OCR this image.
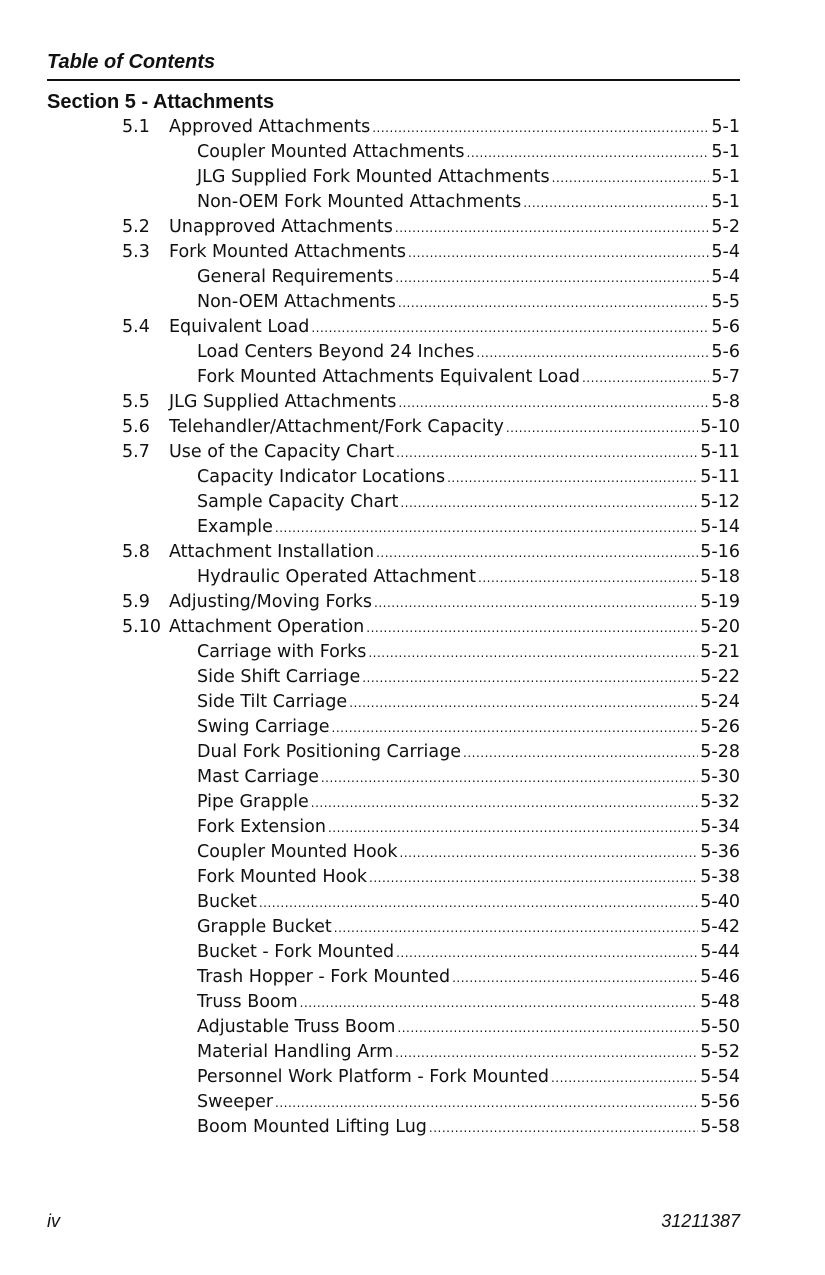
Table of Contents
Section 5 - Attachments
5.1 Approved Attachments .....	5-1
Coupler Mounted Attachments .....	5-1
JLG Supplied Fork Mounted Attachments .....	5-1
Non-OEM Fork Mounted Attachments .....	5-1
5.2 Unapproved Attachments .....	5-2
5.3 Fork Mounted Attachments .....	5-4
General Requirements .....	5-4
Non-OEM Attachments .....	5-5
5.4 Equivalent Load .....	5-6
Load Centers Beyond 24 Inches .....	5-6
Fork Mounted Attachments Equivalent Load .....	5-7
5.5 JLG Supplied Attachments .....	5-8
5.6 Telehandler/Attachment/Fork Capacity .....	5-10
5.7 Use of the Capacity Chart .....	5-11
Capacity Indicator Locations .....	5-11
Sample Capacity Chart .....	5-12
Example .....	5-14
5.8 Attachment Installation .....	5-16
Hydraulic Operated Attachment .....	5-18
5.9 Adjusting/Moving Forks .....	5-19
5.10 Attachment Operation .....	5-20
Carriage with Forks .....	5-21
Side Shift Carriage .....	5-22
Side Tilt Carriage .....	5-24
Swing Carriage .....	5-26
Dual Fork Positioning Carriage .....	5-28
Mast Carriage .....	5-30
Pipe Grapple .....	5-32
Fork Extension .....	5-34
Coupler Mounted Hook .....	5-36
Fork Mounted Hook .....	5-38
Bucket .....	5-40
Grapple Bucket .....	5-42
Bucket - Fork Mounted .....	5-44
Trash Hopper - Fork Mounted .....	5-46
Truss Boom .....	5-48
Adjustable Truss Boom .....	5-50
Material Handling Arm .....	5-52
Personnel Work Platform - Fork Mounted .....	5-54
Sweeper .....	5-56
Boom Mounted Lifting Lug .....	5-58
iv	31211387
